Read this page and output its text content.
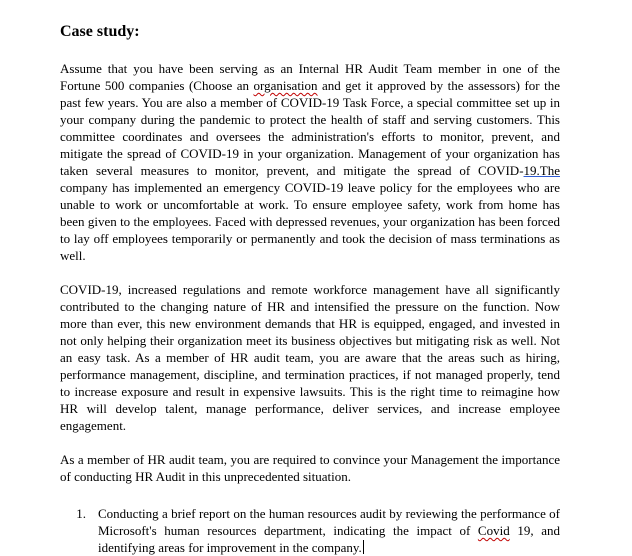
Case study:

Assume that you have been serving as an Internal HR Audit Team member in one of the Fortune 500 companies (Choose an organisation and get it approved by the assessors) for the past few years. You are also a member of COVID-19 Task Force, a special committee set up in your company during the pandemic to protect the health of staff and serving customers. This committee coordinates and oversees the administration's efforts to monitor, prevent, and mitigate the spread of COVID-19 in your organization. Management of your organization has taken several measures to monitor, prevent, and mitigate the spread of COVID-19.The company has implemented an emergency COVID-19 leave policy for the employees who are unable to work or uncomfortable at work. To ensure employee safety, work from home has been given to the employees. Faced with depressed revenues, your organization has been forced to lay off employees temporarily or permanently and took the decision of mass terminations as well.

COVID-19, increased regulations and remote workforce management have all significantly contributed to the changing nature of HR and intensified the pressure on the function. Now more than ever, this new environment demands that HR is equipped, engaged, and invested in not only helping their organization meet its business objectives but mitigating risk as well. Not an easy task. As a member of HR audit team, you are aware that the areas such as hiring, performance management, discipline, and termination practices, if not managed properly, tend to increase exposure and result in expensive lawsuits. This is the right time to reimagine how HR will develop talent, manage performance, deliver services, and increase employee engagement.

As a member of HR audit team, you are required to convince your Management the importance of conducting HR Audit in this unprecedented situation.

1. Conducting a brief report on the human resources audit by reviewing the performance of Microsoft's human resources department, indicating the impact of Covid 19, and identifying areas for improvement in the company.
